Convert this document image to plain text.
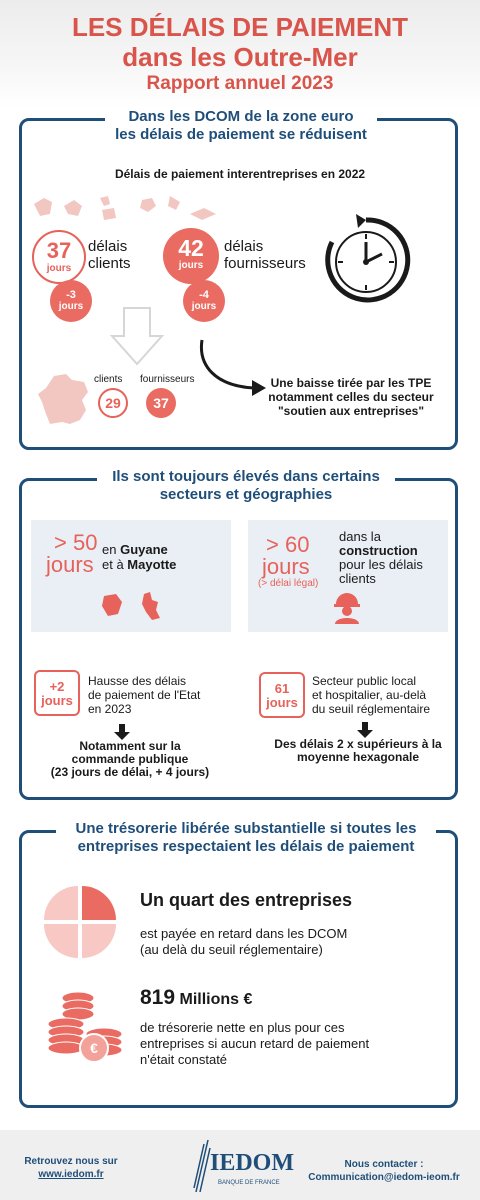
LES DÉLAIS DE PAIEMENT
dans les Outre-Mer
Rapport annuel 2023
Dans les DCOM de la zone euro
les délais de paiement se réduisent
Délais de paiement interentreprises en 2022
37
jours
délais
clients
-3
jours
42
jours
délais
fournisseurs
-4
jours
clients fournisseurs
29	37
Une baisse tirée par les TPE
notamment celles du secteur
"soutien aux entreprises"
Ils sont toujours élevés dans certains
secteurs et géographies
> 50
jours
en Guyane
et à Mayotte
> 60
jours
(> délai légal)
dans la
construction
pour les délais
clients
+2
jours
Hausse des délais
de paiement de l'Etat
en 2023
Notamment sur la
commande publique
(23 jours de délai, + 4 jours)
61
jours
Secteur public local
et hospitalier, au-delà
du seuil réglementaire
Des délais 2 x supérieurs à la
moyenne hexagonale
Une trésorerie libérée substantielle si toutes les
entreprises respectaient les délais de paiement
Un quart des entreprises
est payée en retard dans les DCOM
(au delà du seuil réglementaire)
€
819 Millions €
de trésorerie nette en plus pour ces
entreprises si aucun retard de paiement
n'était constaté
Retrouvez nous sur
www.iedom.fr	IEDOM
BANQUE DE FRANCE
Nous contacter :
Communication@iedom-ieom.fr
